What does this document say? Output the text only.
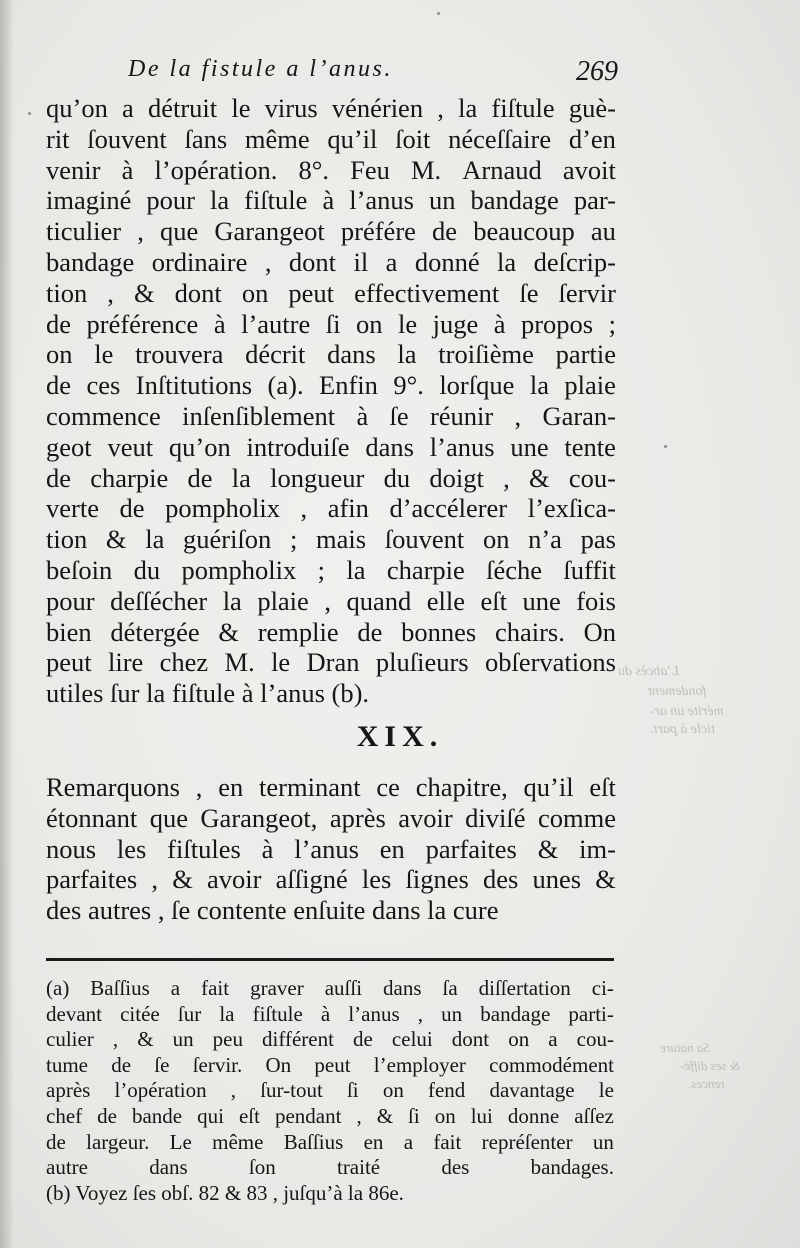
L’abcès du
fondement
mérite un ar-
ticle à part.
Sa nature
& ses diffé-
rences.
De la fistule a l’anus.	269
qu’on a détruit le virus vénérien , la fiſtule guè-
rit ſouvent ſans même qu’il ſoit néceſſaire d’en
venir à l’opération. 8°. Feu M. Arnaud avoit
imaginé pour la fiſtule à l’anus un bandage par-
ticulier , que Garangeot préfére de beaucoup au
bandage ordinaire , dont il a donné la deſcrip-
tion , & dont on peut effectivement ſe ſervir
de préférence à l’autre ſi on le juge à propos ;
on le trouvera décrit dans la troiſième partie
de ces Inſtitutions (a). Enfin 9°. lorſque la plaie
commence inſenſiblement à ſe réunir , Garan-
geot veut qu’on introduiſe dans l’anus une tente
de charpie de la longueur du doigt , & cou-
verte de pompholix , afin d’accélerer l’exſica-
tion & la guériſon ; mais ſouvent on n’a pas
beſoin du pompholix ; la charpie ſéche ſuffit
pour deſſécher la plaie , quand elle eſt une fois
bien détergée & remplie de bonnes chairs. On
peut lire chez M. le Dran pluſieurs obſervations
utiles ſur la fiſtule à l’anus (b).
XIX.
Remarquons , en terminant ce chapitre, qu’il eſt
étonnant que Garangeot, après avoir diviſé comme
nous les fiſtules à l’anus en parfaites & im-
parfaites , & avoir aſſigné les ſignes des unes &
des autres , ſe contente enſuite dans la cure
(a) Baſſius a fait graver auſſi dans ſa diſſertation ci-
devant citée ſur la fiſtule à l’anus , un bandage parti-
culier , & un peu différent de celui dont on a cou-
tume de ſe ſervir. On peut l’employer commodément
après l’opération , ſur-tout ſi on fend davantage le
chef de bande qui eſt pendant , & ſi on lui donne aſſez
de largeur. Le même Baſſius en a fait repréſenter un
autre	dans	ſon	traité	des	bandages.
(b) Voyez ſes obſ. 82 & 83 , juſqu’à la 86e.
